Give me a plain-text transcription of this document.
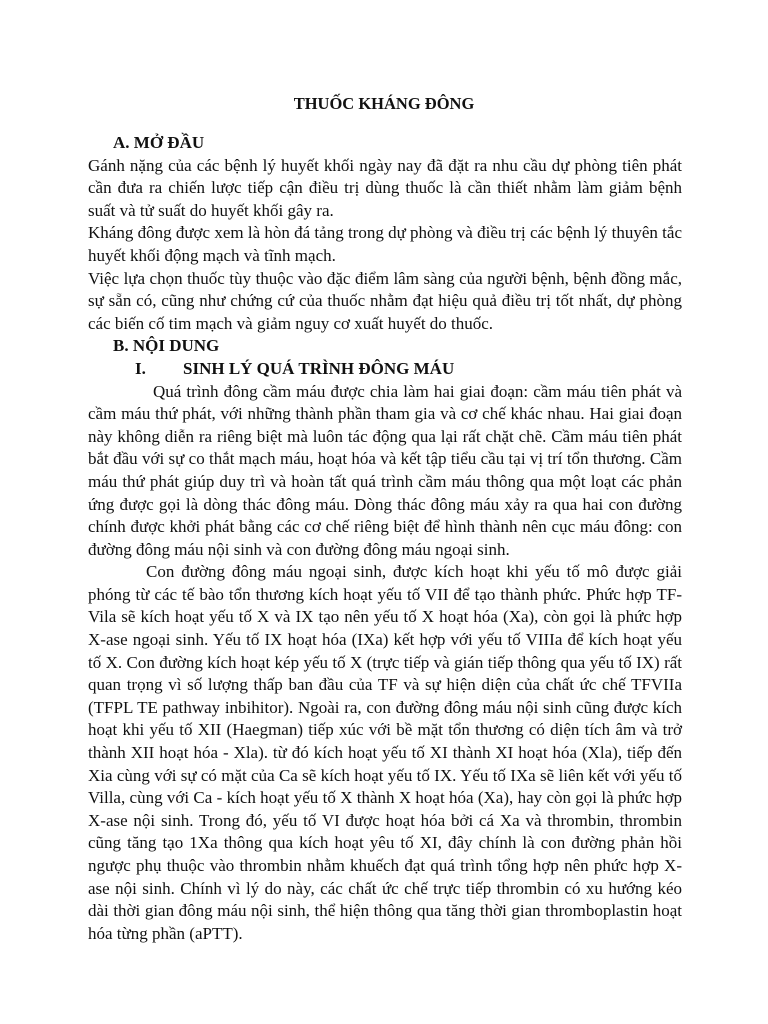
THUỐC KHÁNG ĐÔNG

A. MỞ ĐẦU

Gánh nặng của các bệnh lý huyết khối ngày nay đã đặt ra nhu cầu dự phòng tiên phát cần đưa ra chiến lược tiếp cận điều trị dùng thuốc là cần thiết nhằm làm giảm bệnh suất và tử suất do huyết khối gây ra.

Kháng đông được xem là hòn đá tảng trong dự phòng và điều trị các bệnh lý thuyên tắc huyết khối động mạch và tĩnh mạch.

Việc lựa chọn thuốc tùy thuộc vào đặc điểm lâm sàng của người bệnh, bệnh đồng mắc, sự sẵn có, cũng như chứng cứ của thuốc nhằm đạt hiệu quả điều trị tốt nhất, dự phòng các biến cố tim mạch và giảm nguy cơ xuất huyết do thuốc.

B. NỘI DUNG

I.	SINH LÝ QUÁ TRÌNH ĐÔNG MÁU

Quá trình đông cầm máu được chia làm hai giai đoạn: cầm máu tiên phát và cầm máu thứ phát, với những thành phần tham gia và cơ chế khác nhau. Hai giai đoạn này không diễn ra riêng biệt mà luôn tác động qua lại rất chặt chẽ. Cầm máu tiên phát bắt đầu với sự co thắt mạch máu, hoạt hóa và kết tập tiểu cầu tại vị trí tổn thương. Cầm máu thứ phát giúp duy trì và hoàn tất quá trình cầm máu thông qua một loạt các phản ứng được gọi là dòng thác đông máu. Dòng thác đông máu xảy ra qua hai con đường chính được khởi phát bằng các cơ chế riêng biệt để hình thành nên cục máu đông: con đường đông máu nội sinh và con đường đông máu ngoại sinh.

Con đường đông máu ngoại sinh, được kích hoạt khi yếu tố mô được giải phóng từ các tế bào tổn thương kích hoạt yếu tố VII để tạo thành phức. Phức hợp TF-Vila sẽ kích hoạt yếu tố X và IX tạo nên yếu tố X hoạt hóa (Xa), còn gọi là phức hợp X-ase ngoại sinh. Yếu tố IX hoạt hóa (IXa) kết hợp với yếu tố VIIIa để kích hoạt yếu tố X. Con đường kích hoạt kép yếu tố X (trực tiếp và gián tiếp thông qua yếu tố IX) rất quan trọng vì số lượng thấp ban đầu của TF và sự hiện diện của chất ức chế TFVIIa (TFPL TE pathway inbihitor). Ngoài ra, con đường đông máu nội sinh cũng được kích hoạt khi yếu tố XII (Haegman) tiếp xúc với bề mặt tổn thương có diện tích âm và trở thành XII hoạt hóa - Xla). từ đó kích hoạt yếu tố XI thành XI hoạt hóa (Xla), tiếp đến Xia cùng với sự có mặt của Ca sẽ kích hoạt yếu tố IX. Yếu tố IXa sẽ liên kết với yếu tố Villa, cùng với Ca - kích hoạt yếu tố X thành X hoạt hóa (Xa), hay còn gọi là phức hợp X-ase nội sinh. Trong đó, yếu tố VI được hoạt hóa bởi cá Xa và thrombin, thrombin cũng tăng tạo 1Xa thông qua kích hoạt yêu tố XI, đây chính là con đường phản hồi ngược phụ thuộc vào thrombin nhằm khuếch đạt quá trình tổng hợp nên phức hợp X-ase nội sinh. Chính vì lý do này, các chất ức chế trực tiếp thrombin có xu hướng kéo dài thời gian đông máu nội sinh, thể hiện thông qua tăng thời gian thromboplastin hoạt hóa từng phần (aPTT).
